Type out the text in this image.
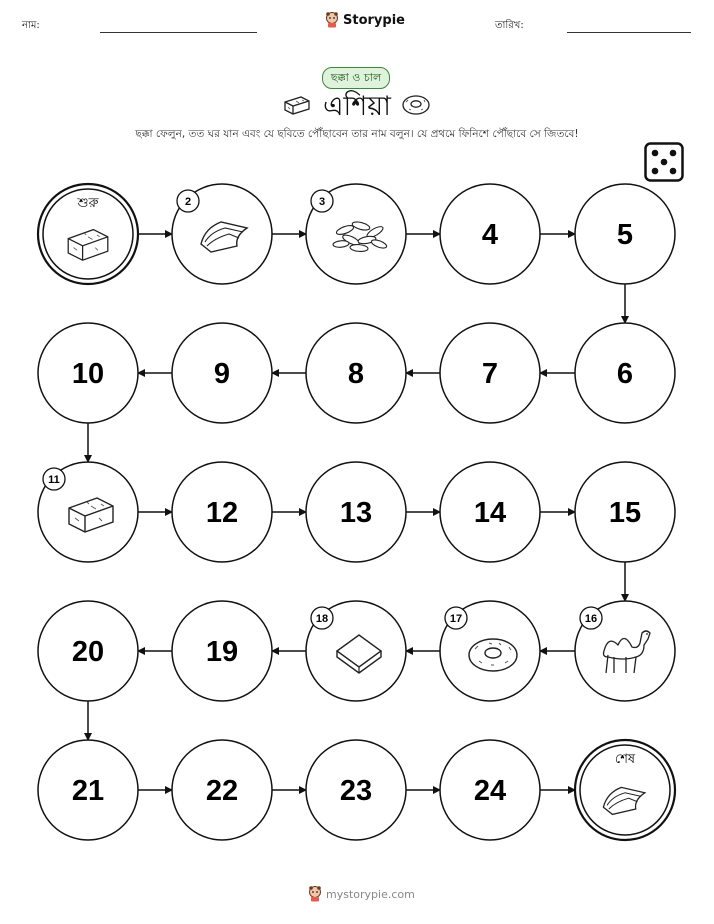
নাম:	Storypie	তারিখ:
ছক্কা ও চাল
এশিয়া
ছক্কা ফেলুন, তত ঘর যান এবং যে ছবিতে পৌঁছাবেন তার নাম বলুন। যে প্রথমে ফিনিশে পৌঁছাবে সে জিতবে!
শুরু	2	3
4	5
6
7
8
9
10
11
12	13	14	15
16
17
18
19
20
21	22	23	24
শেষ
mystorypie.com
